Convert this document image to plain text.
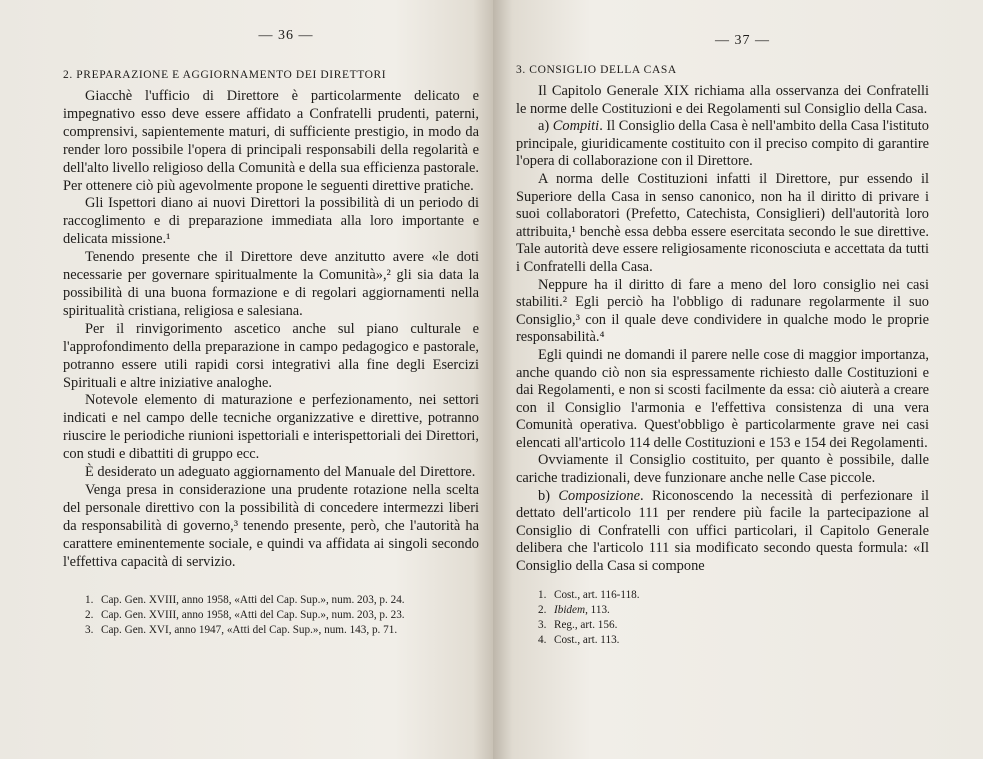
— 36 —
2. PREPARAZIONE E AGGIORNAMENTO DEI DIRETTORI

Giacchè l'ufficio di Direttore è particolarmente delicato e impegnativo esso deve essere affidato a Confratelli prudenti, paterni, comprensivi, sapientemente maturi, di sufficiente prestigio, in modo da render loro possibile l'opera di principali responsabili della regolarità e dell'alto livello religioso della Comunità e della sua efficienza pastorale. Per ottenere ciò più agevolmente propone le seguenti direttive pratiche.

Gli Ispettori diano ai nuovi Direttori la possibilità di un periodo di raccoglimento e di preparazione immediata alla loro importante e delicata missione.¹

Tenendo presente che il Direttore deve anzitutto avere «le doti necessarie per governare spiritualmente la Comunità»,² gli sia data la possibilità di una buona formazione e di regolari aggiornamenti nella spiritualità cristiana, religiosa e salesiana.

Per il rinvigorimento ascetico anche sul piano culturale e l'approfondimento della preparazione in campo pedagogico e pastorale, potranno essere utili rapidi corsi integrativi alla fine degli Esercizi Spirituali e altre iniziative analoghe.

Notevole elemento di maturazione e perfezionamento, nei settori indicati e nel campo delle tecniche organizzative e direttive, potranno riuscire le periodiche riunioni ispettoriali e interispettoriali dei Direttori, con studi e dibattiti di gruppo ecc.

È desiderato un adeguato aggiornamento del Manuale del Direttore.

Venga presa in considerazione una prudente rotazione nella scelta del personale direttivo con la possibilità di concedere intermezzi liberi da responsabilità di governo,³ tenendo presente, però, che l'autorità ha carattere eminentemente sociale, e quindi va affidata ai singoli secondo l'effettiva capacità di servizio.

1. Cap. Gen. XVIII, anno 1958, «Atti del Cap. Sup.», num. 203, p. 24.
2. Cap. Gen. XVIII, anno 1958, «Atti del Cap. Sup.», num. 203, p. 23.
3. Cap. Gen. XVI, anno 1947, «Atti del Cap. Sup.», num. 143, p. 71.
— 37 —
3. CONSIGLIO DELLA CASA

Il Capitolo Generale XIX richiama alla osservanza dei Confratelli le norme delle Costituzioni e dei Regolamenti sul Consiglio della Casa.

a) Compiti. Il Consiglio della Casa è nell'ambito della Casa l'istituto principale, giuridicamente costituito con il preciso compito di garantire l'opera di collaborazione con il Direttore.

A norma delle Costituzioni infatti il Direttore, pur essendo il Superiore della Casa in senso canonico, non ha il diritto di privare i suoi collaboratori (Prefetto, Catechista, Consiglieri) dell'autorità loro attribuita,¹ benchè essa debba essere esercitata secondo le sue direttive. Tale autorità deve essere religiosamente riconosciuta e accettata da tutti i Confratelli della Casa.

Neppure ha il diritto di fare a meno del loro consiglio nei casi stabiliti.² Egli perciò ha l'obbligo di radunare regolarmente il suo Consiglio,³ con il quale deve condividere in qualche modo le proprie responsabilità.⁴

Egli quindi ne domandi il parere nelle cose di maggior importanza, anche quando ciò non sia espressamente richiesto dalle Costituzioni e dai Regolamenti, e non si scosti facilmente da essa: ciò aiuterà a creare con il Consiglio l'armonia e l'effettiva consistenza di una vera Comunità operativa. Quest'obbligo è particolarmente grave nei casi elencati all'articolo 114 delle Costituzioni e 153 e 154 dei Regolamenti.

Ovviamente il Consiglio costituito, per quanto è possibile, dalle cariche tradizionali, deve funzionare anche nelle Case piccole.

b) Composizione. Riconoscendo la necessità di perfezionare il dettato dell'articolo 111 per rendere più facile la partecipazione al Consiglio di Confratelli con uffici particolari, il Capitolo Generale delibera che l'articolo 111 sia modificato secondo questa formula: «Il Consiglio della Casa si compone

1. Cost., art. 116-118.
2. Ibidem, 113.
3. Reg., art. 156.
4. Cost., art. 113.
